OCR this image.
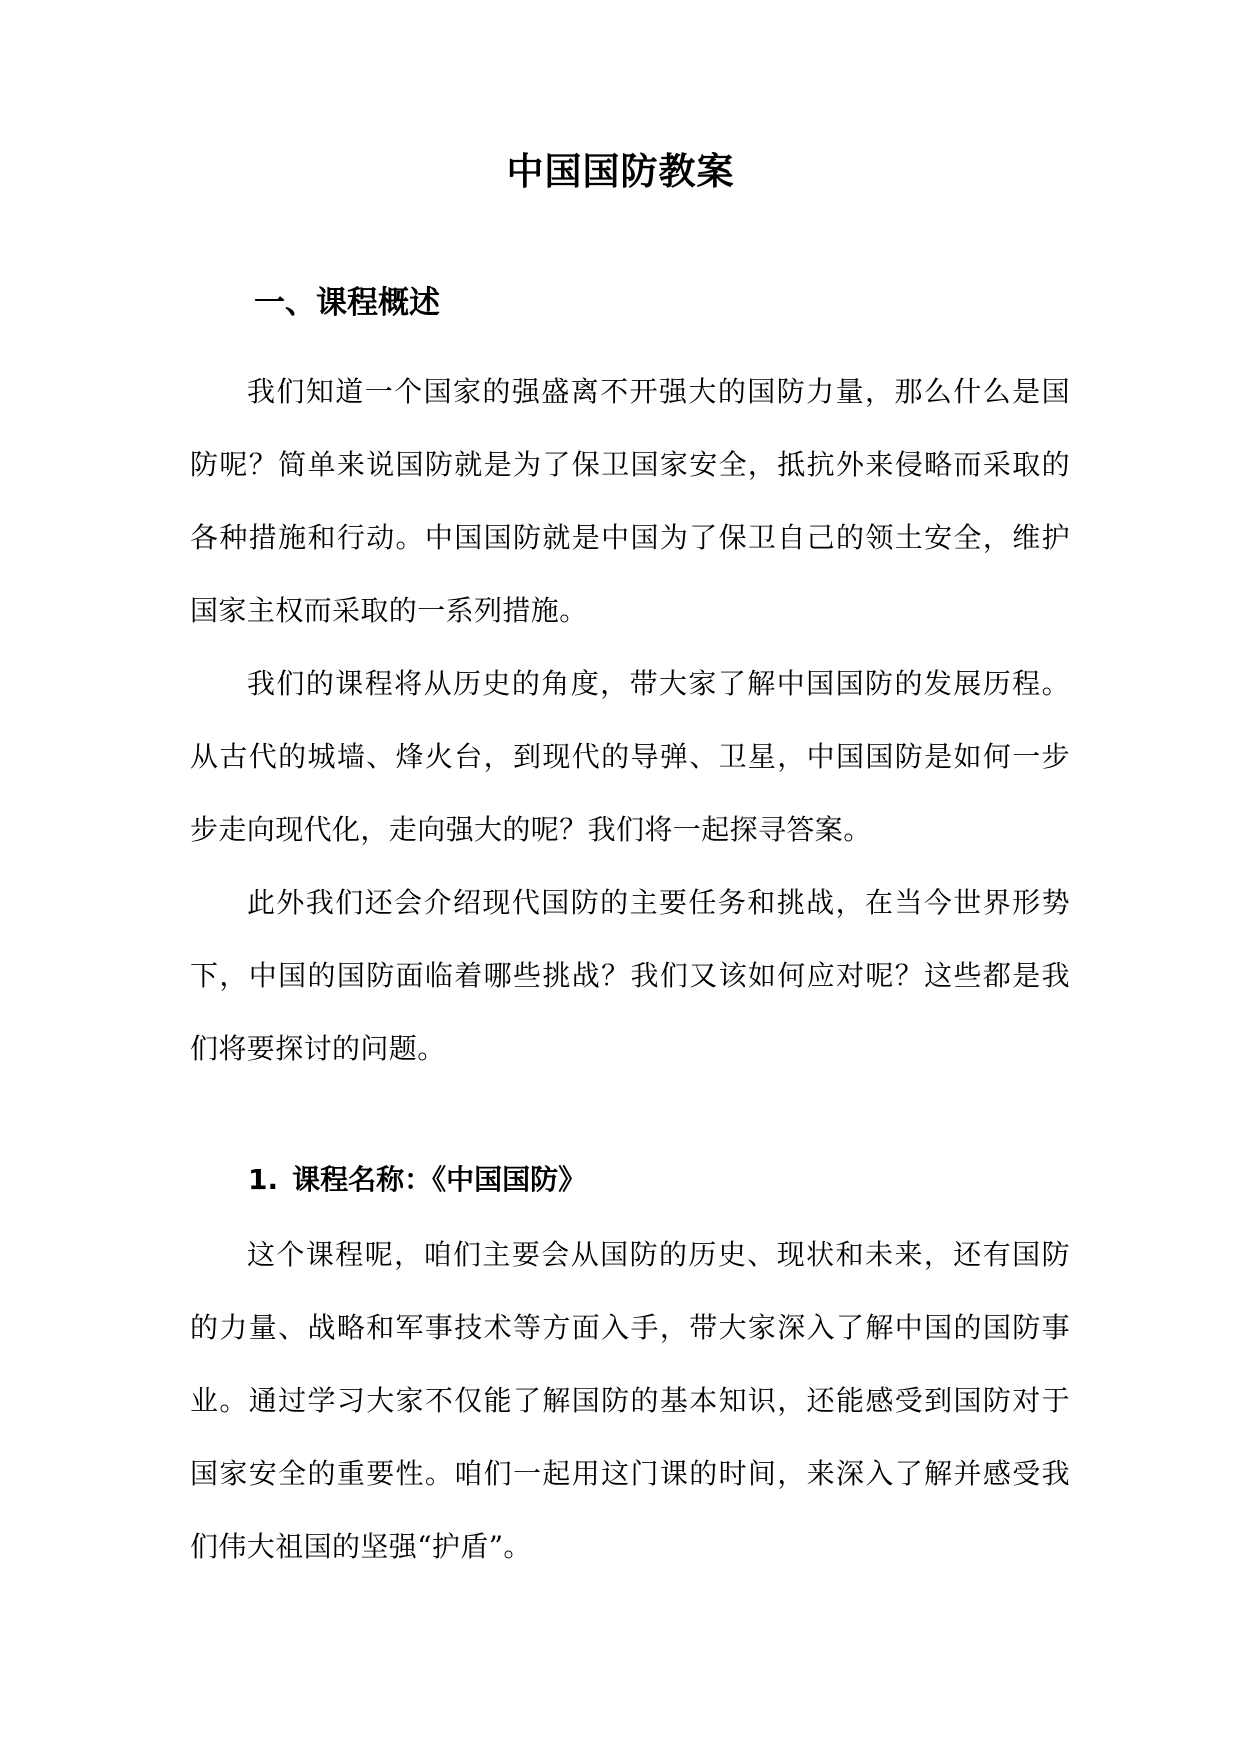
中国国防教案
一、课程概述

我们知道一个国家的强盛离不开强大的国防力量，那么什么是国防呢？简单来说国防就是为了保卫国家安全，抵抗外来侵略而采取的各种措施和行动。中国国防就是中国为了保卫自己的领土安全，维护国家主权而采取的一系列措施。

我们的课程将从历史的角度，带大家了解中国国防的发展历程。从古代的城墙、烽火台，到现代的导弹、卫星，中国国防是如何一步步走向现代化，走向强大的呢？我们将一起探寻答案。

此外我们还会介绍现代国防的主要任务和挑战，在当今世界形势下，中国的国防面临着哪些挑战？我们又该如何应对呢？这些都是我们将要探讨的问题。

1. 课程名称：《中国国防》

这个课程呢，咱们主要会从国防的历史、现状和未来，还有国防的力量、战略和军事技术等方面入手，带大家深入了解中国的国防事业。通过学习大家不仅能了解国防的基本知识，还能感受到国防对于国家安全的重要性。咱们一起用这门课的时间，来深入了解并感受我们伟大祖国的坚强“护盾”。
